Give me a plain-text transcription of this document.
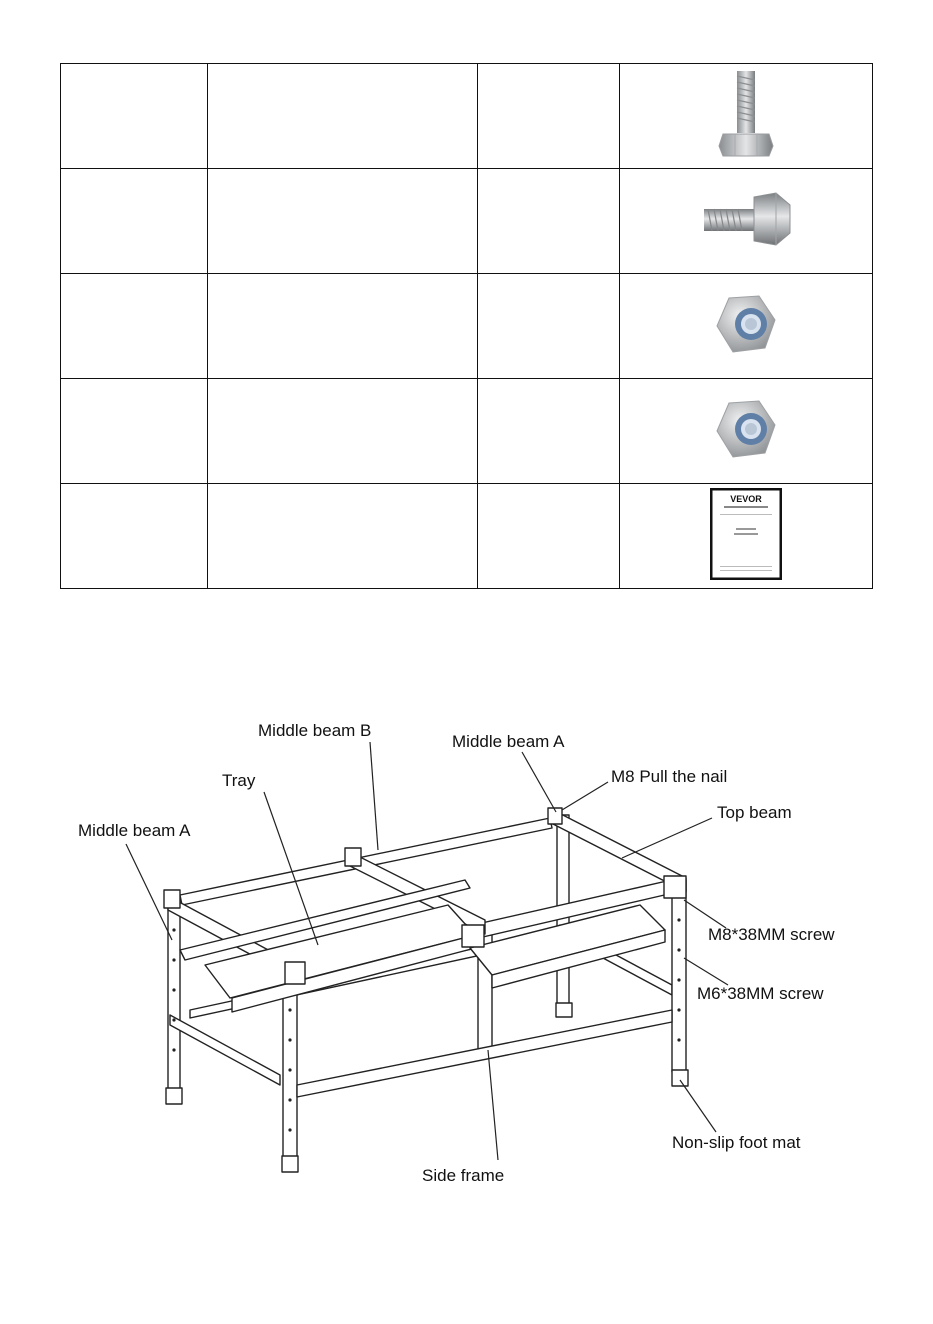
VEVOR
Middle beam B
Middle beam A
M8 Pull the nail
Tray
Top beam
Middle beam A
M8*38MM screw
M6*38MM screw
Non-slip foot mat
Side frame
